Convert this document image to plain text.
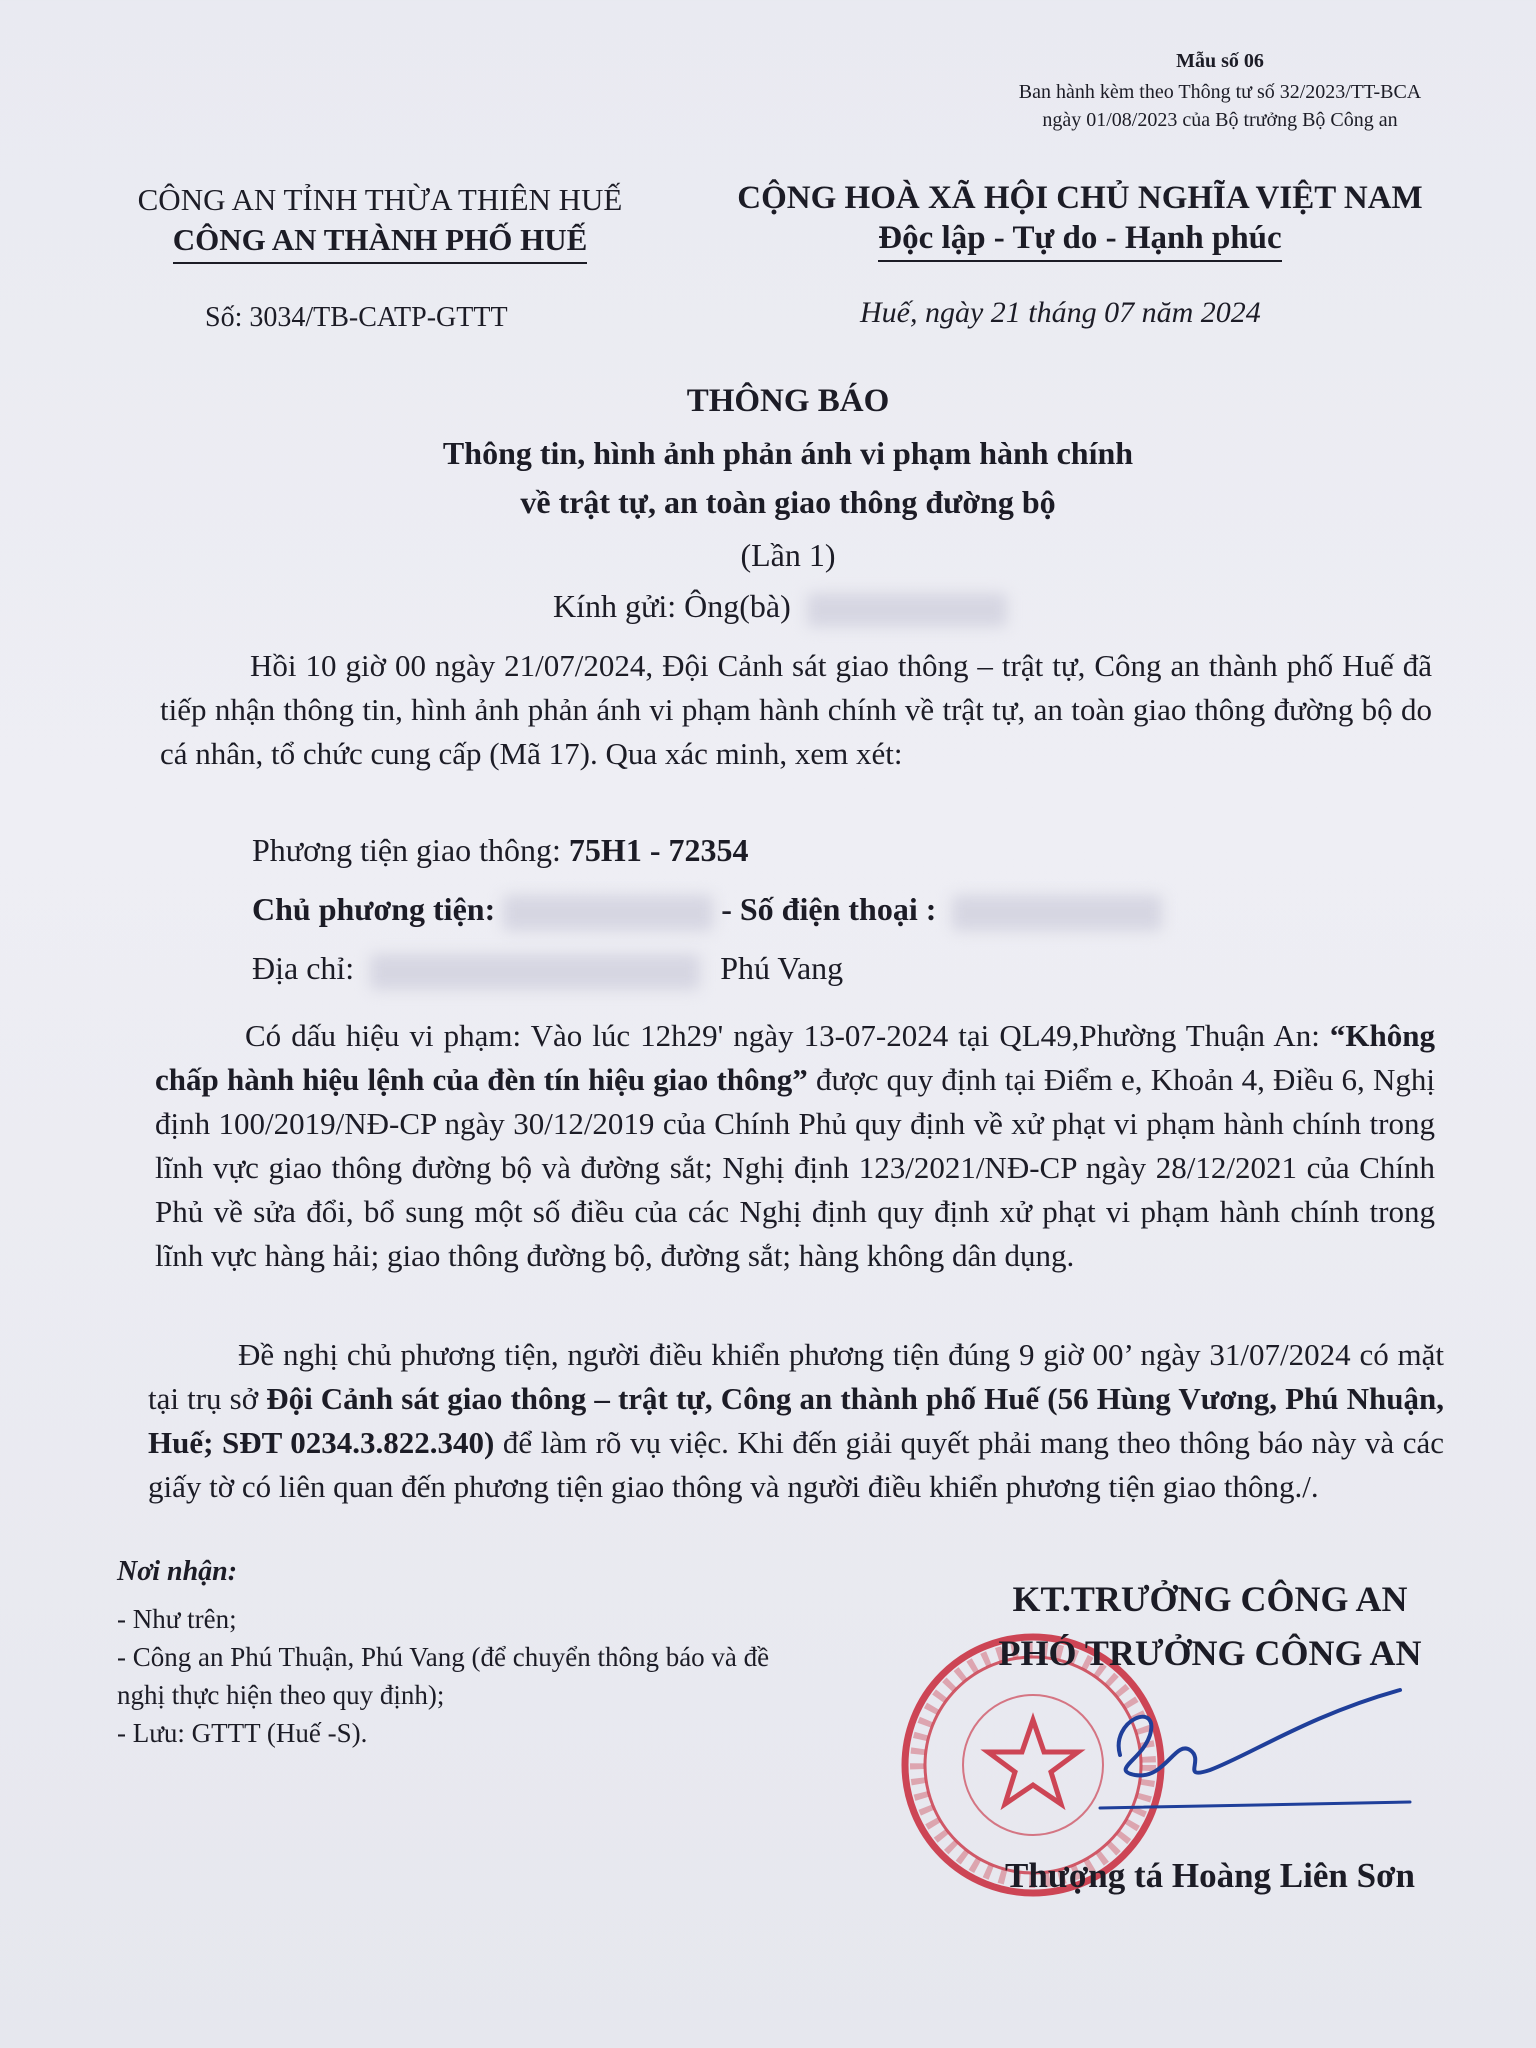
Mẫu số 06
Ban hành kèm theo Thông tư số 32/2023/TT-BCA
ngày 01/08/2023 của Bộ trưởng Bộ Công an
CÔNG AN TỈNH THỪA THIÊN HUẾ
CÔNG AN THÀNH PHỐ HUẾ
CỘNG HOÀ XÃ HỘI CHỦ NGHĨA VIỆT NAM
Độc lập - Tự do - Hạnh phúc
Số: 3034/TB-CATP-GTTT	Huế, ngày 21 tháng 07 năm 2024
THÔNG BÁO
Thông tin, hình ảnh phản ánh vi phạm hành chính
về trật tự, an toàn giao thông đường bộ
(Lần 1)
Kính gửi: Ông(bà)
Hồi 10 giờ 00 ngày 21/07/2024, Đội Cảnh sát giao thông – trật tự, Công an thành phố Huế đã tiếp nhận thông tin, hình ảnh phản ánh vi phạm hành chính về trật tự, an toàn giao thông đường bộ do cá nhân, tổ chức cung cấp (Mã 17). Qua xác minh, xem xét:
Phương tiện giao thông: 75H1 - 72354
Chủ phương tiện:	- Số điện thoại :
Địa chỉ:	Phú Vang
Có dấu hiệu vi phạm: Vào lúc 12h29' ngày 13-07-2024 tại QL49,Phường Thuận An: “Không chấp hành hiệu lệnh của đèn tín hiệu giao thông” được quy định tại Điểm e, Khoản 4, Điều 6, Nghị định 100/2019/NĐ-CP ngày 30/12/2019 của Chính Phủ quy định về xử phạt vi phạm hành chính trong lĩnh vực giao thông đường bộ và đường sắt; Nghị định 123/2021/NĐ-CP ngày 28/12/2021 của Chính Phủ về sửa đổi, bổ sung một số điều của các Nghị định quy định xử phạt vi phạm hành chính trong lĩnh vực hàng hải; giao thông đường bộ, đường sắt; hàng không dân dụng.
Đề nghị chủ phương tiện, người điều khiển phương tiện đúng 9 giờ 00’ ngày 31/07/2024 có mặt tại trụ sở Đội Cảnh sát giao thông – trật tự, Công an thành phố Huế (56 Hùng Vương, Phú Nhuận, Huế; SĐT 0234.3.822.340) để làm rõ vụ việc. Khi đến giải quyết phải mang theo thông báo này và các giấy tờ có liên quan đến phương tiện giao thông và người điều khiển phương tiện giao thông./.
Nơi nhận:
- Như trên;
- Công an Phú Thuận, Phú Vang (để chuyển thông báo và đề nghị thực hiện theo quy định);
- Lưu: GTTT (Huế -S).
KT.TRƯỞNG CÔNG AN
PHÓ TRƯỞNG CÔNG AN
Thượng tá Hoàng Liên Sơn
